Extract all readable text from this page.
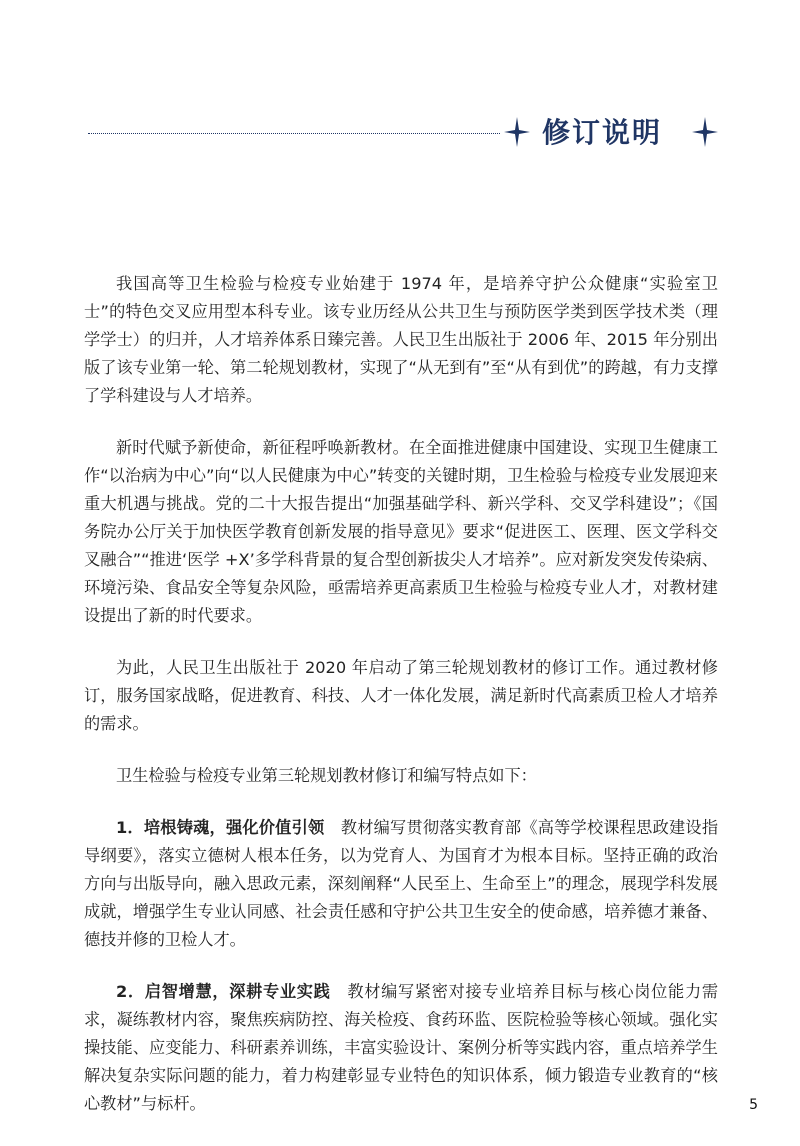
修订说明

我国高等卫生检验与检疫专业始建于 1974 年，是培养守护公众健康“实验室卫士”的特色交叉应用型本科专业。该专业历经从公共卫生与预防医学类到医学技术类（理学学士）的归并，人才培养体系日臻完善。人民卫生出版社于 2006 年、2015 年分别出版了该专业第一轮、第二轮规划教材，实现了“从无到有”至“从有到优”的跨越，有力支撑了学科建设与人才培养。

新时代赋予新使命，新征程呼唤新教材。在全面推进健康中国建设、实现卫生健康工作“以治病为中心”向“以人民健康为中心”转变的关键时期，卫生检验与检疫专业发展迎来重大机遇与挑战。党的二十大报告提出“加强基础学科、新兴学科、交叉学科建设”；《国务院办公厅关于加快医学教育创新发展的指导意见》要求“促进医工、医理、医文学科交叉融合”“推进‘医学 +X’多学科背景的复合型创新拔尖人才培养”。应对新发突发传染病、环境污染、食品安全等复杂风险，亟需培养更高素质卫生检验与检疫专业人才，对教材建设提出了新的时代要求。

为此，人民卫生出版社于 2020 年启动了第三轮规划教材的修订工作。通过教材修订，服务国家战略，促进教育、科技、人才一体化发展，满足新时代高素质卫检人才培养的需求。

卫生检验与检疫专业第三轮规划教材修订和编写特点如下：

1．培根铸魂，强化价值引领　教材编写贯彻落实教育部《高等学校课程思政建设指导纲要》，落实立德树人根本任务，以为党育人、为国育才为根本目标。坚持正确的政治方向与出版导向，融入思政元素，深刻阐释“人民至上、生命至上”的理念，展现学科发展成就，增强学生专业认同感、社会责任感和守护公共卫生安全的使命感，培养德才兼备、德技并修的卫检人才。

2．启智增慧，深耕专业实践　教材编写紧密对接专业培养目标与核心岗位能力需求，凝练教材内容，聚焦疾病防控、海关检疫、食药环监、医院检验等核心领域。强化实操技能、应变能力、科研素养训练，丰富实验设计、案例分析等实践内容，重点培养学生解决复杂实际问题的能力，着力构建彰显专业特色的知识体系，倾力锻造专业教育的“核心教材”与标杆。	5
